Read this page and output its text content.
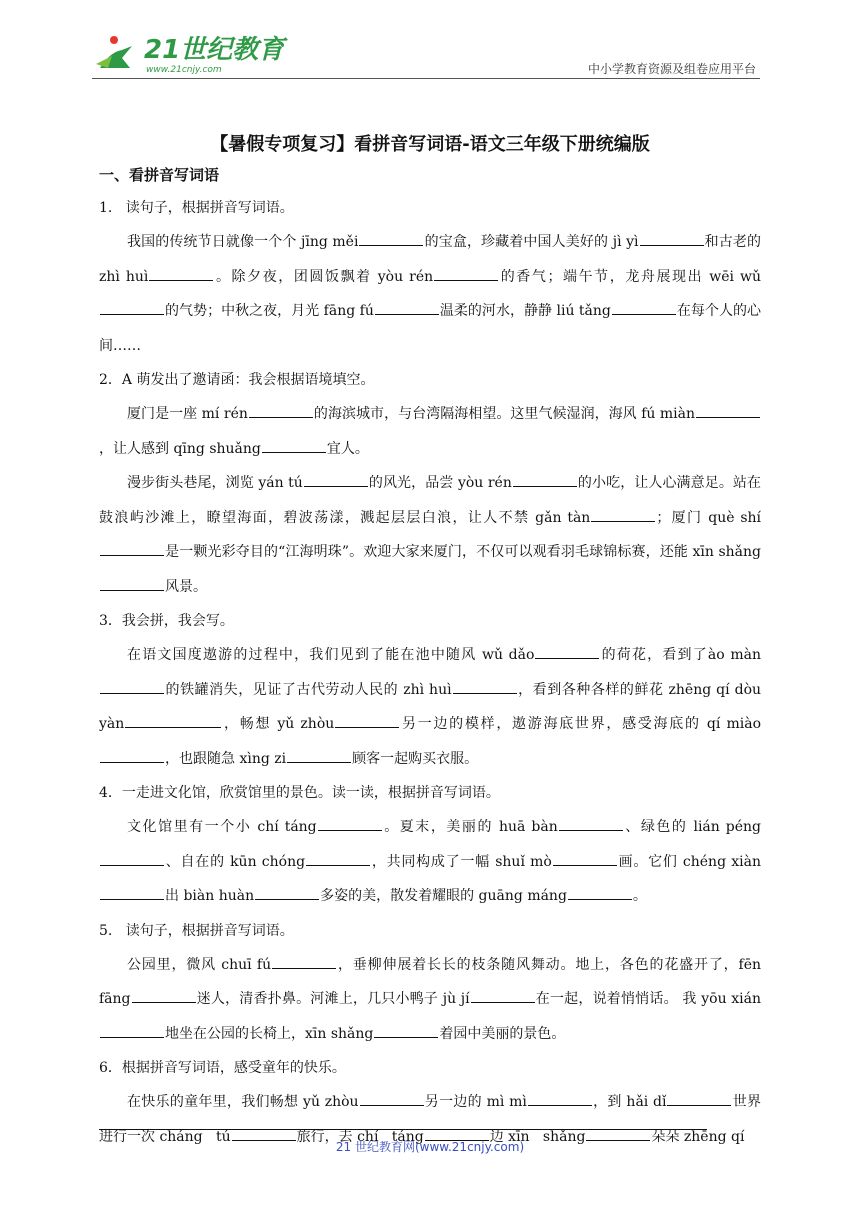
21世纪教育
www.21cnjy.com	中小学教育资源及组卷应用平台
【暑假专项复习】看拼音写词语-语文三年级下册统编版
一、看拼音写词语
1.   读句子，根据拼音写词语。
我国的传统节日就像一个个 jīng měi	的宝盒，珍藏着中国人美好的 jì yì	和古老的 zhì huì	。除夕夜，团圆饭飘着 yòu rén	的香气；端午节，龙舟展现出 wēi wǔ的气势；中秋之夜，月光 fāng fú	温柔的河水，静静 liú tǎng	在每个人的心间……
2．A 萌发出了邀请函：我会根据语境填空。
厦门是一座 mí rén	的海滨城市，与台湾隔海相望。这里气候湿润，海风 fú miàn，让人感到 qīng shuǎng	宜人。
漫步街头巷尾，浏览 yán tú	的风光，品尝 yòu rén	的小吃，让人心满意足。站在鼓浪屿沙滩上，瞭望海面，碧波荡漾，溅起层层白浪，让人不禁 gǎn tàn	；厦门 què shí是一颗光彩夺目的“江海明珠”。欢迎大家来厦门，不仅可以观看羽毛球锦标赛，还能 xīn shǎng风景。
3．我会拼，我会写。
在语文国度遨游的过程中，我们见到了能在池中随风 wǔ dǎo	的荷花，看到了ào màn的铁罐消失，见证了古代劳动人民的 zhì huì	，看到各种各样的鲜花 zhēng qí dòu yàn	，畅想 yǔ zhòu	另一边的模样，遨游海底世界，感受海底的 qí miào，也跟随急 xìng zi	顾客一起购买衣服。
4．一走进文化馆，欣赏馆里的景色。读一读，根据拼音写词语。
文化馆里有一个小 chí táng	。夏末，美丽的 huā bàn	、绿色的 lián péng、自在的 kūn chóng	，共同构成了一幅 shuǐ mò	画。它们 chéng xiàn出 biàn huàn	多姿的美，散发着耀眼的 guāng máng	。
5.   读句子，根据拼音写词语。
公园里，微风 chuī fú	，垂柳伸展着长长的枝条随风舞动。地上，各色的花盛开了，fēn fāng	迷人，清香扑鼻。河滩上，几只小鸭子 jù jí	在一起，说着悄悄话。 我 yōu xián地坐在公园的长椅上，xīn shǎng	着园中美丽的景色。
6．根据拼音写词语，感受童年的快乐。
在快乐的童年里，我们畅想 yǔ zhòu	另一边的 mì mì	，到 hǎi dǐ	世界进行一次 cháng   tú	旅行，去 chí   táng	边 xīn   shǎng	朵朵 zhēng qí
21 世纪教育网(www.21cnjy.com)
